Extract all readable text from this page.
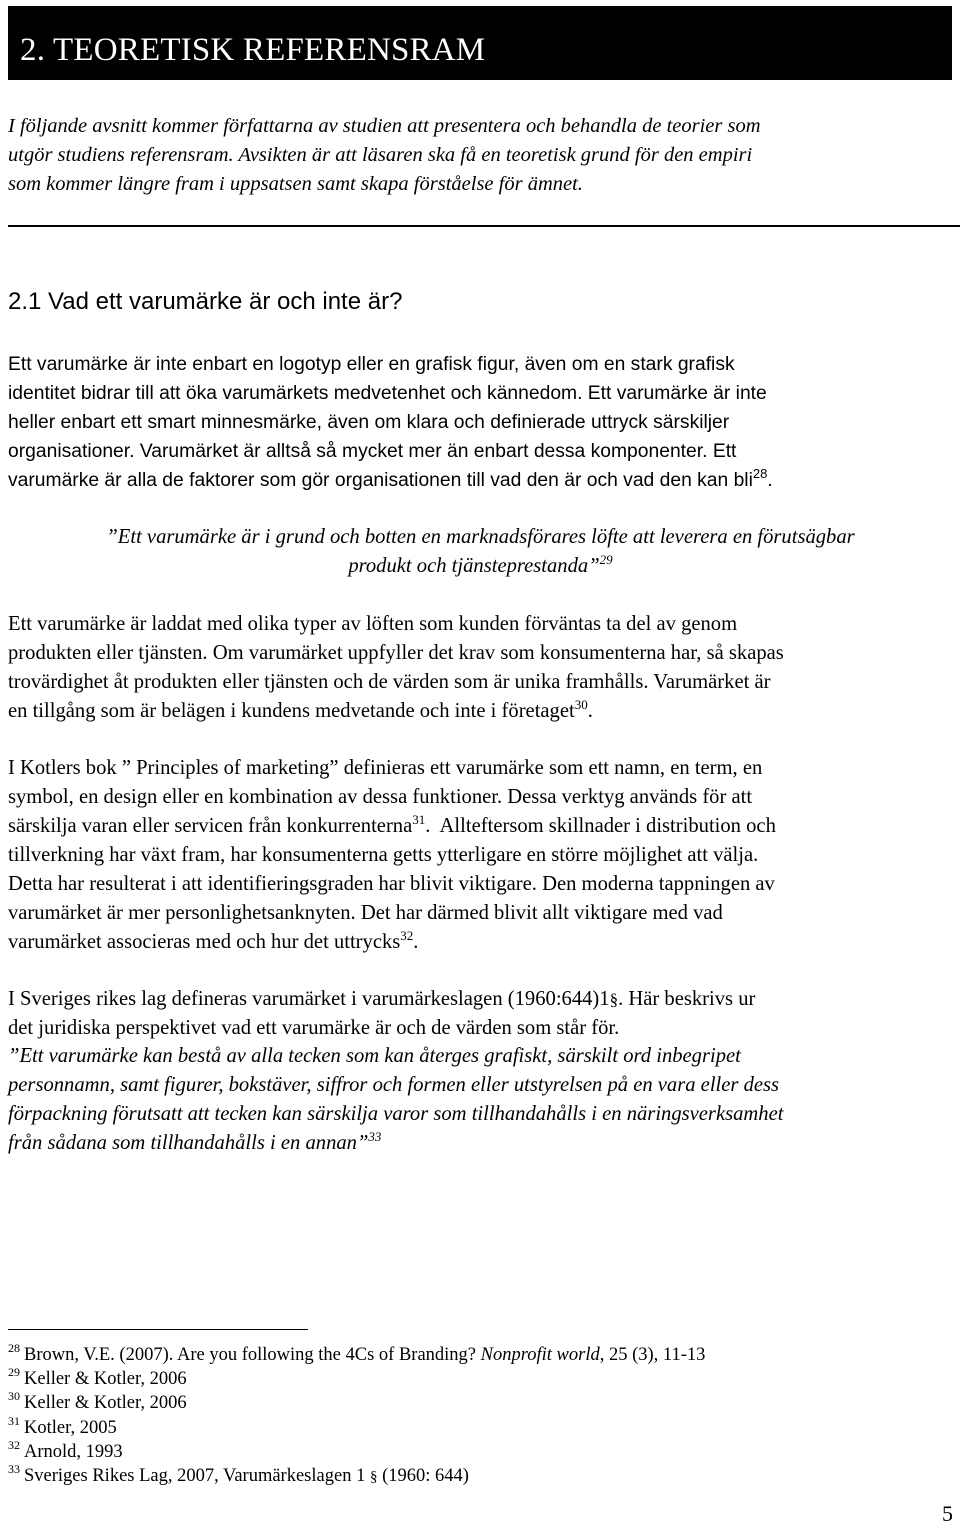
2. TEORETISK REFERENSRAM

I följande avsnitt kommer författarna av studien att presentera och behandla de teorier som
utgör studiens referensram. Avsikten är att läsaren ska få en teoretisk grund för den empiri
som kommer längre fram i uppsatsen samt skapa förståelse för ämnet.

2.1 Vad ett varumärke är och inte är?

Ett varumärke är inte enbart en logotyp eller en grafisk figur, även om en stark grafisk
identitet bidrar till att öka varumärkets medvetenhet och kännedom. Ett varumärke är inte
heller enbart ett smart minnesmärke, även om klara och definierade uttryck särskiljer
organisationer. Varumärket är alltså så mycket mer än enbart dessa komponenter. Ett
varumärke är alla de faktorer som gör organisationen till vad den är och vad den kan bli$^{28}$.

”Ett varumärke är i grund och botten en marknadsförares löfte att leverera en förutsägbar
produkt och tjänsteprestanda”$^{29}$

Ett varumärke är laddat med olika typer av löften som kunden förväntas ta del av genom
produkten eller tjänsten. Om varumärket uppfyller det krav som konsumenterna har, så skapas
trovärdighet åt produkten eller tjänsten och de värden som är unika framhålls. Varumärket är
en tillgång som är belägen i kundens medvetande och inte i företaget$^{30}$.

I Kotlers bok ” Principles of marketing” definieras ett varumärke som ett namn, en term, en
symbol, en design eller en kombination av dessa funktioner. Dessa verktyg används för att
särskilja varan eller servicen från konkurrenterna$^{31}$.  Allteftersom skillnader i distribution och
tillverkning har växt fram, har konsumenterna getts ytterligare en större möjlighet att välja.
Detta har resulterat i att identifieringsgraden har blivit viktigare. Den moderna tappningen av
varumärket är mer personlighetsanknyten. Det har därmed blivit allt viktigare med vad
varumärket associeras med och hur det uttrycks$^{32}$.

I Sveriges rikes lag defineras varumärket i varumärkeslagen (1960:644)1§. Här beskrivs ur
det juridiska perspektivet vad ett varumärke är och de värden som står för.

”Ett varumärke kan bestå av alla tecken som kan återges grafiskt, särskilt ord inbegripet
personnamn, samt figurer, bokstäver, siffror och formen eller utstyrelsen på en vara eller dess
förpackning förutsatt att tecken kan särskilja varor som tillhandahålls i en näringsverksamhet
från sådana som tillhandahålls i en annan”$^{33}$

$^{28}$ Brown, V.E. (2007). Are you following the 4Cs of Branding? Nonprofit world, 25 (3), 11-13
$^{29}$ Keller & Kotler, 2006
$^{30}$ Keller & Kotler, 2006
$^{31}$ Kotler, 2005
$^{32}$ Arnold, 1993
$^{33}$ Sveriges Rikes Lag, 2007, Varumärkeslagen 1 § (1960: 644)
5
